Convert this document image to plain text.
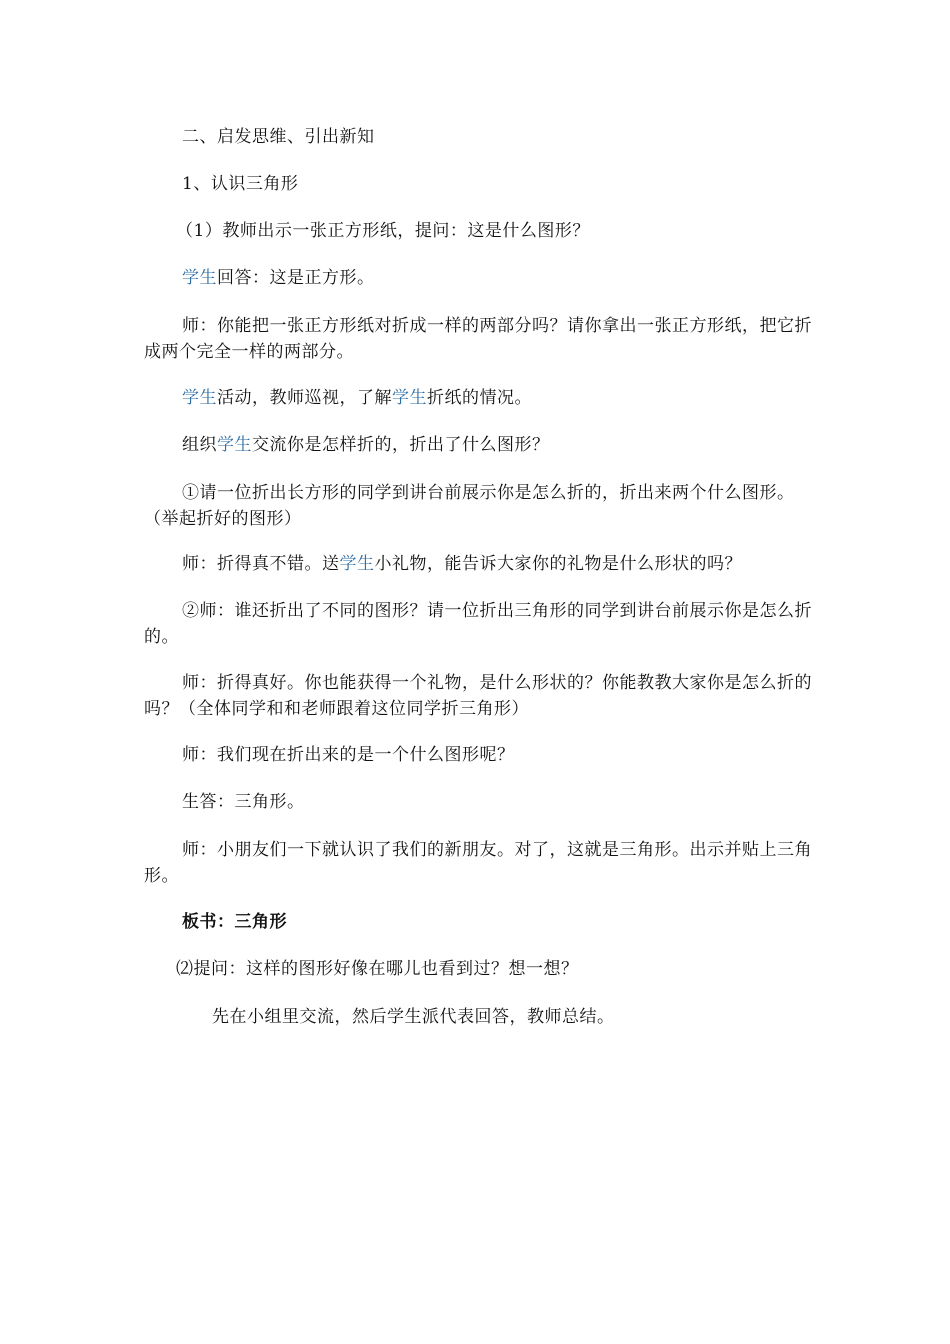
二、启发思维、引出新知

1、认识三角形

（1）教师出示一张正方形纸，提问：这是什么图形？

学生回答：这是正方形。

师：你能把一张正方形纸对折成一样的两部分吗？请你拿出一张正方形纸，把它折成两个完全一样的两部分。

学生活动，教师巡视，了解学生折纸的情况。

组织学生交流你是怎样折的，折出了什么图形？

①请一位折出长方形的同学到讲台前展示你是怎么折的，折出来两个什么图形。（举起折好的图形）

师：折得真不错。送学生小礼物，能告诉大家你的礼物是什么形状的吗？

②师：谁还折出了不同的图形？请一位折出三角形的同学到讲台前展示你是怎么折的。

师：折得真好。你也能获得一个礼物，是什么形状的？你能教教大家你是怎么折的吗？（全体同学和和老师跟着这位同学折三角形）

师：我们现在折出来的是一个什么图形呢？

生答：三角形。

师：小朋友们一下就认识了我们的新朋友。对了，这就是三角形。出示并贴上三角形。

板书：三角形

⑵提问：这样的图形好像在哪儿也看到过？想一想？

先在小组里交流，然后学生派代表回答，教师总结。
